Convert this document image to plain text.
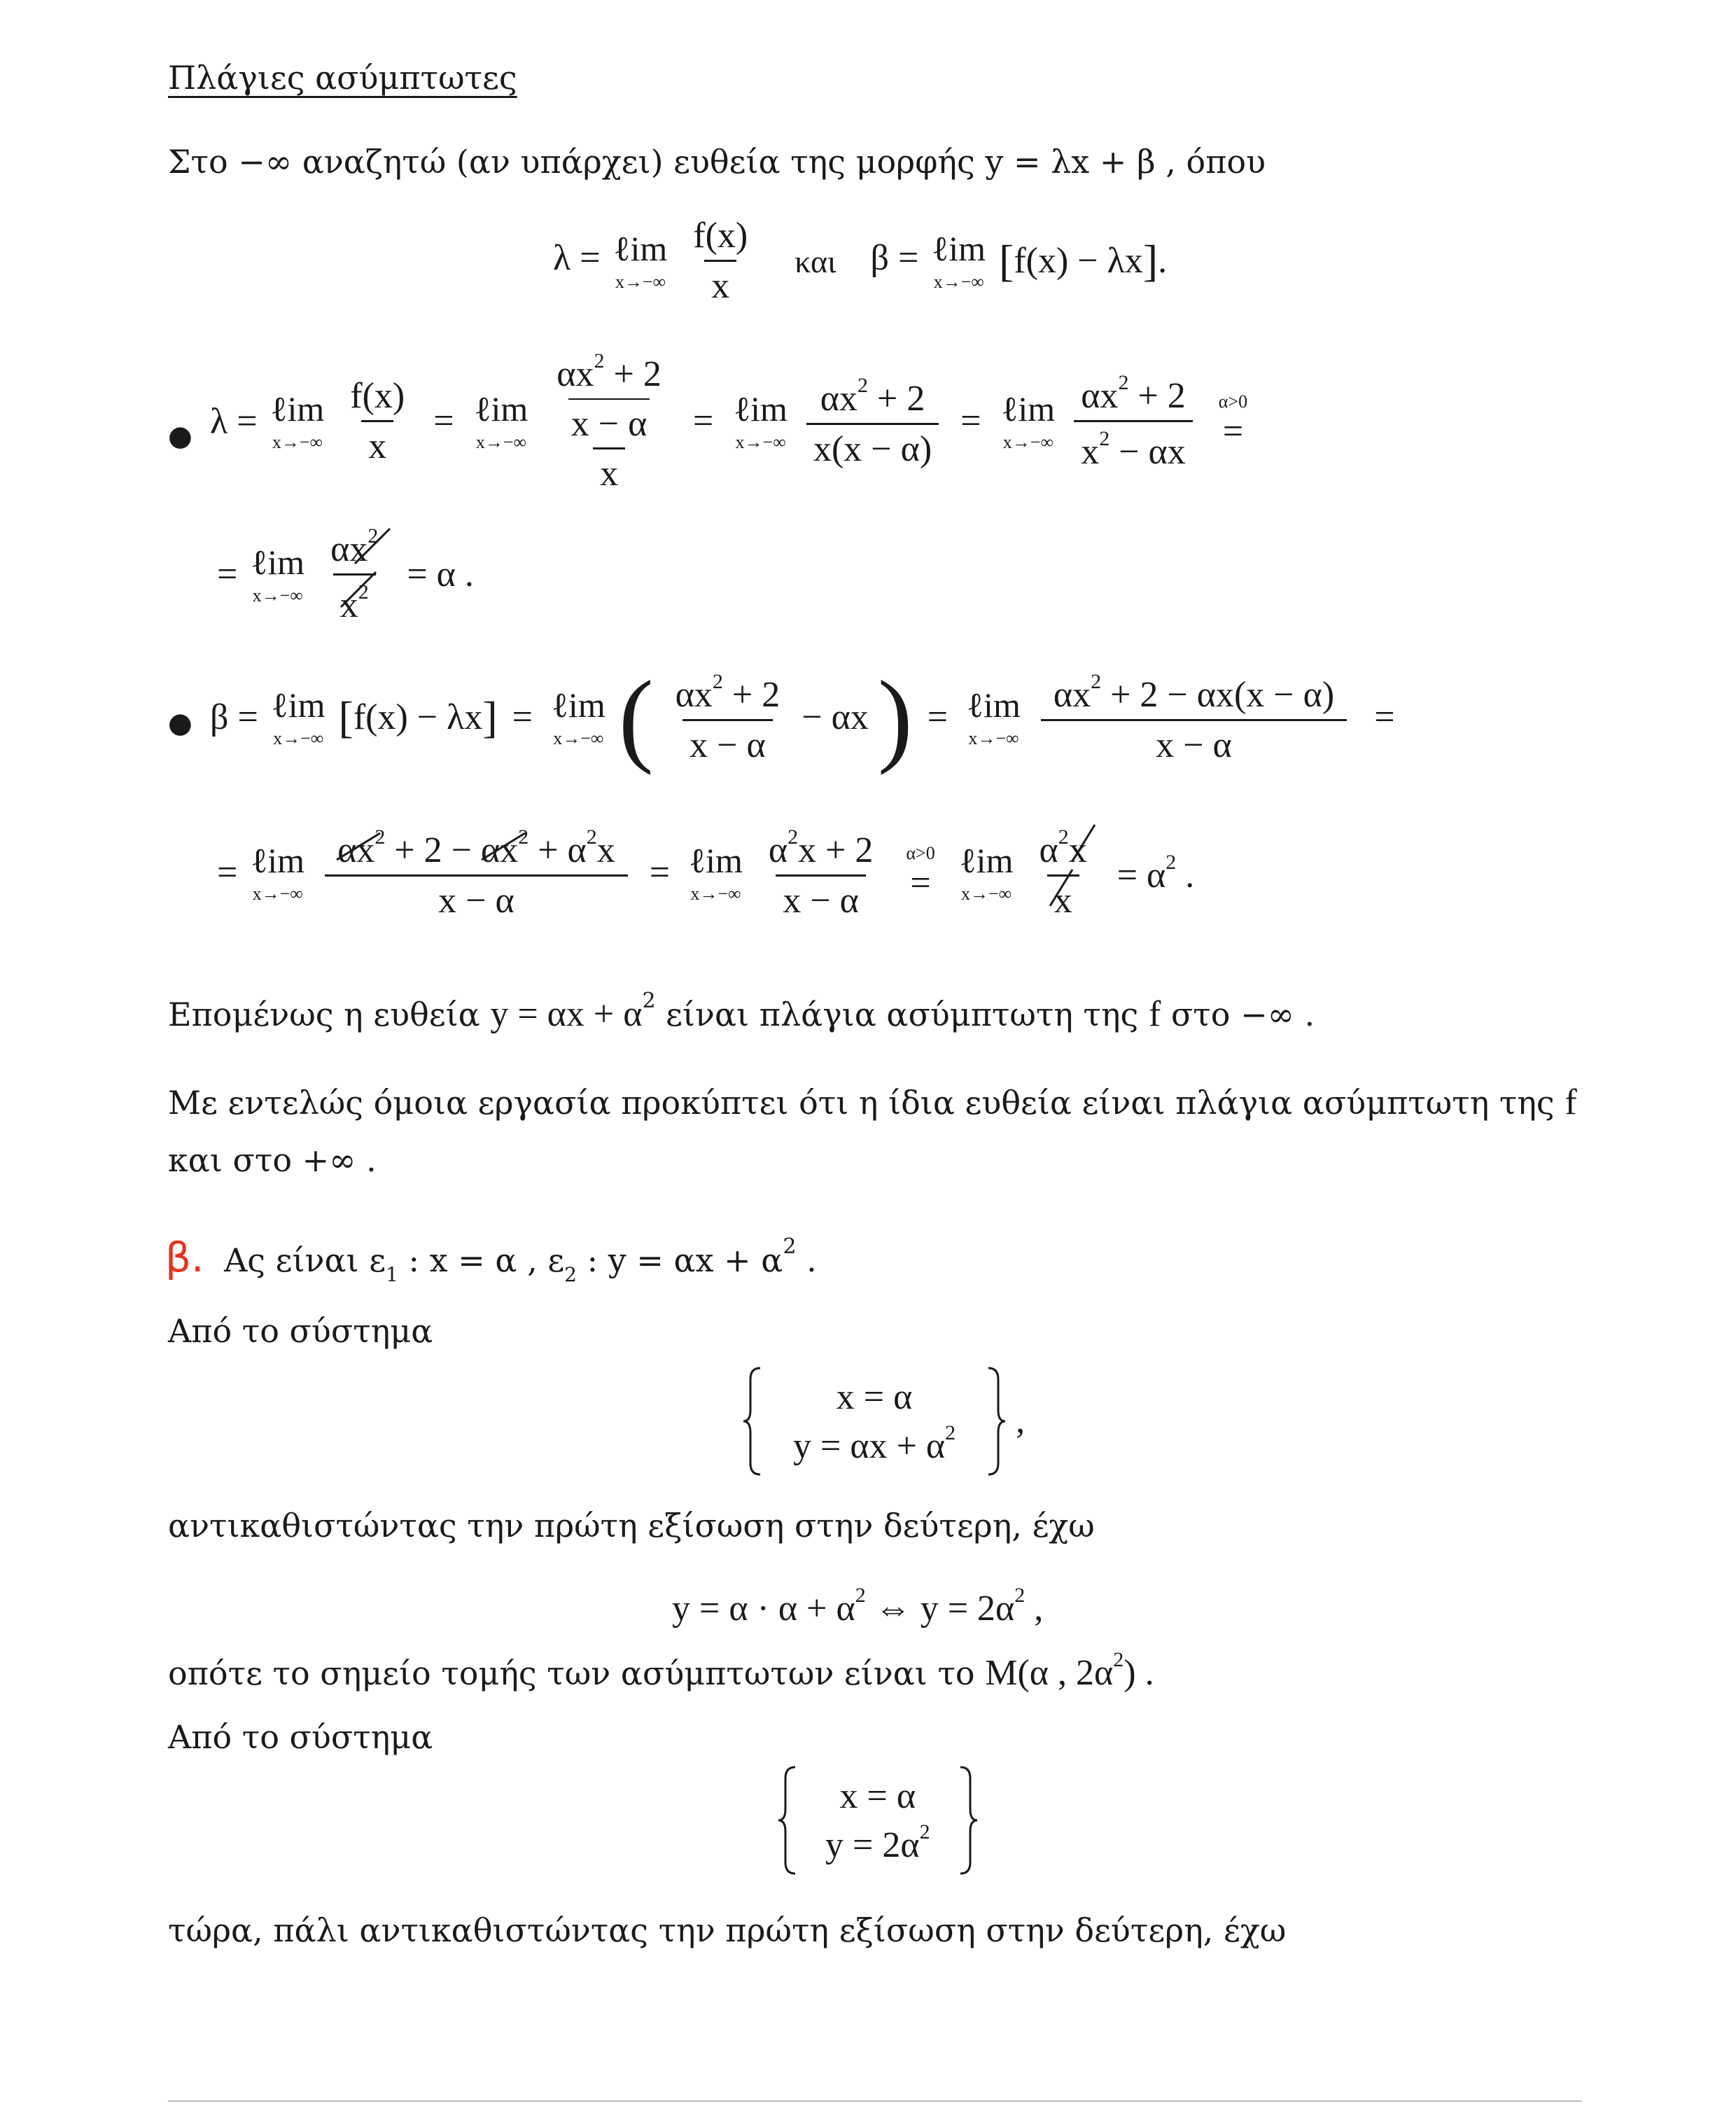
Πλάγιες ασύμπτωτες
Στο −∞ αναζητώ (αν υπάρχει) ευθεία της μορφής y = λx + β , όπου
λ = ℓim
x→−∞
$\frac{f(x)}{x}$ και β = ℓim
x→−∞ [f(x) − λx].
● λ = ℓim
x→−∞
$\frac{f(x)}{x}$ = ℓim
x→−∞
$\frac{\frac{\alpha x^2 + 2}{x - \alpha}}{x}$ = ℓim
x→−∞
$\frac{\alpha x^2 + 2}{x(x - \alpha)}$ = ℓim
x→−∞
$\frac{\alpha x^2 + 2}{x^2 - \alpha x}$
α>0
=
= ℓim
x→−∞
$\frac{\alpha x^2}{x^2} = \alpha$ .
● β = ℓim
x→−∞ [f(x) − λx] = ℓim
x→−∞ ( $\frac{\alpha x^2 + 2}{x - \alpha} - \alpha x$ ) = ℓim
x→−∞
$\frac{\alpha x^2 + 2 - \alpha x(x - \alpha)}{x - \alpha}$ =
= ℓim
x→−∞
$\frac{\alpha x^2 + 2 - \alpha x^2 + \alpha^2x}{x - \alpha}$ = ℓim
x→−∞
$\frac{\alpha^2x + 2}{x - \alpha}$
α>0
=

ℓim
x→−∞
$\frac{\alpha^2x}{x} = \alpha^2$ .
Επομένως η ευθεία $y = \alpha x + \alpha^2$ είναι πλάγια ασύμπτωτη της f στο −∞ .
Με εντελώς όμοια εργασία προκύπτει ότι η ίδια ευθεία είναι πλάγια ασύμπτωτη της f
και στο +∞ .
β. Ας είναι $\varepsilon_1$ : x = α , $\varepsilon_2$ : $y = \alpha x + \alpha^2$ .
Από το σύστημα

x = α
$y = \alpha x + \alpha^2$ ,
αντικαθιστώντας την πρώτη εξίσωση στην δεύτερη, έχω
$y = \alpha \cdot \alpha + \alpha^2$ ⇔ $y = 2\alpha^2$ ,
οπότε το σημείο τομής των ασύμπτωτων είναι το M(α , $2\alpha^2$) .
Από το σύστημα

x = α
$y = 2\alpha^2$

τώρα, πάλι αντικαθιστώντας την πρώτη εξίσωση στην δεύτερη, έχω
